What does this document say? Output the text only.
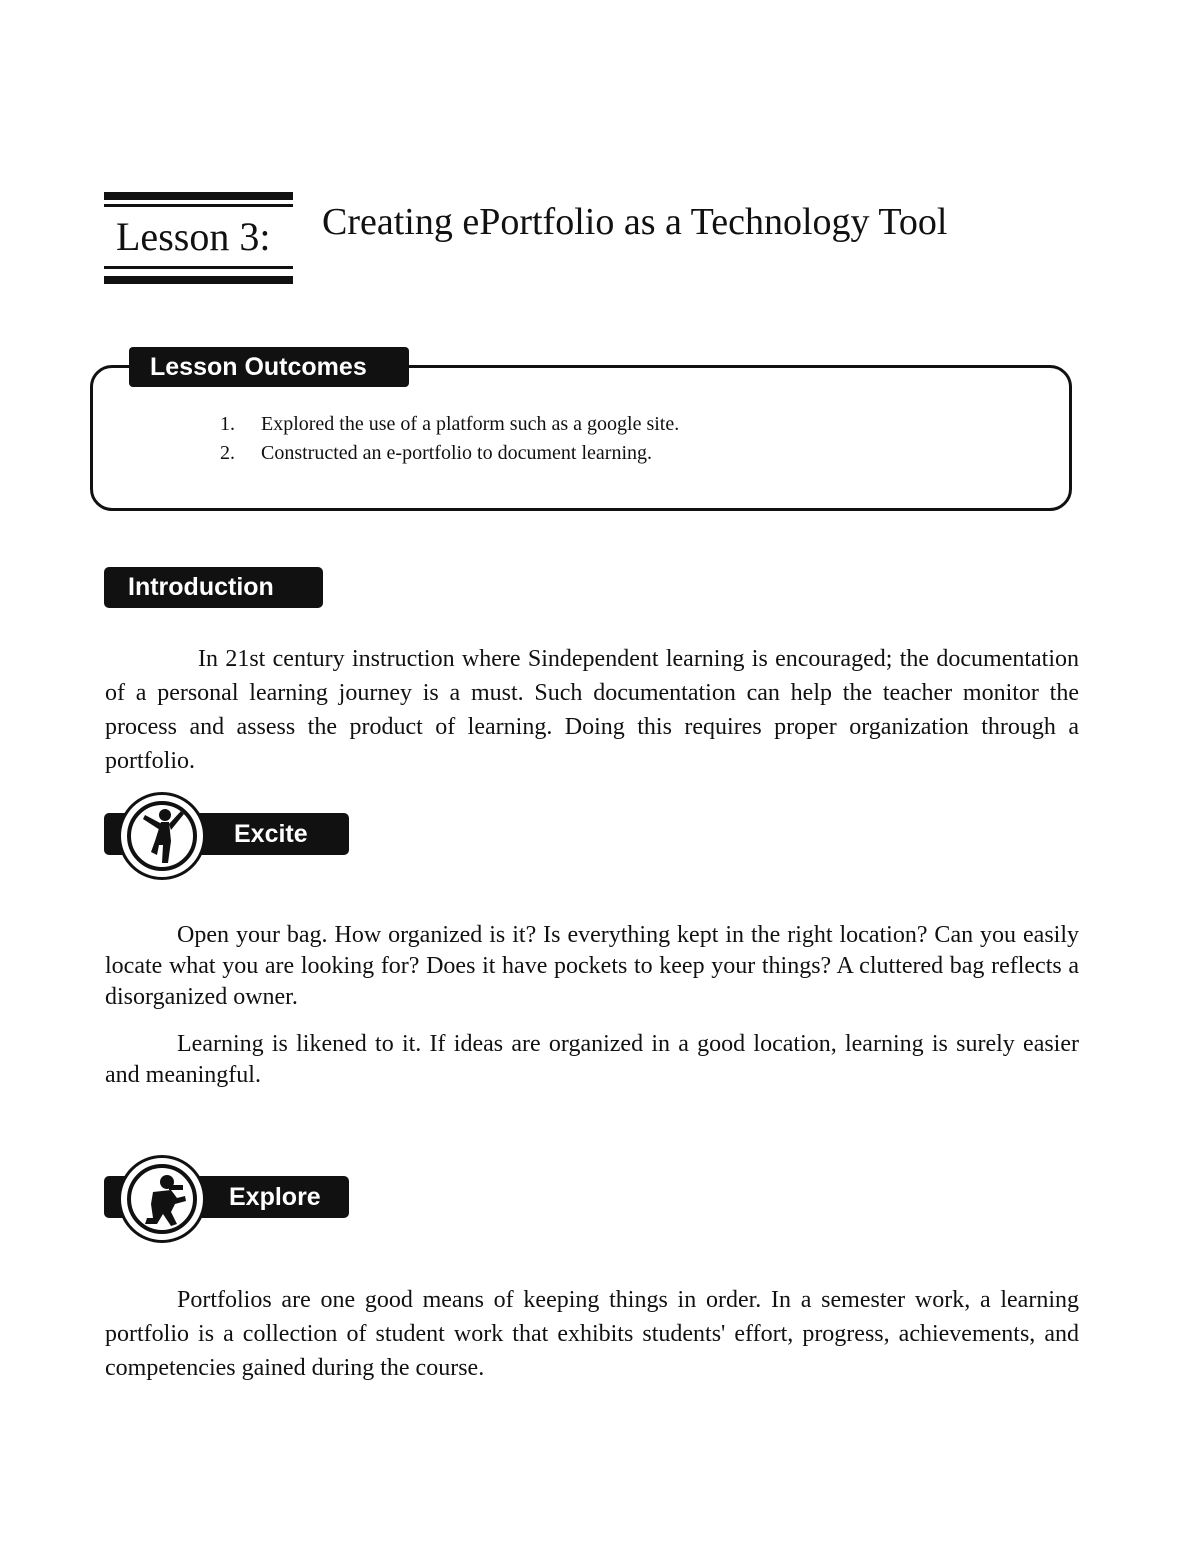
Lesson 3: Creating ePortfolio as a Technology Tool
Lesson Outcomes
1. Explored the use of a platform such as a google site.
2. Constructed an e-portfolio to document learning.
Introduction

In 21st century instruction where Sindependent learning is encouraged; the documentation of a personal learning journey is a must. Such documentation can help the teacher monitor the process and assess the product of learning. Doing this requires proper organization through a portfolio.

Excite

Open your bag. How organized is it? Is everything kept in the right location? Can you easily locate what you are looking for? Does it have pockets to keep your things? A cluttered bag reflects a disorganized owner.

Learning is likened to it. If ideas are organized in a good location, learning is surely easier and meaningful.

Explore

Portfolios are one good means of keeping things in order. In a semester work, a learning portfolio is a collection of student work that exhibits students' effort, progress, achievements, and competencies gained during the course.
